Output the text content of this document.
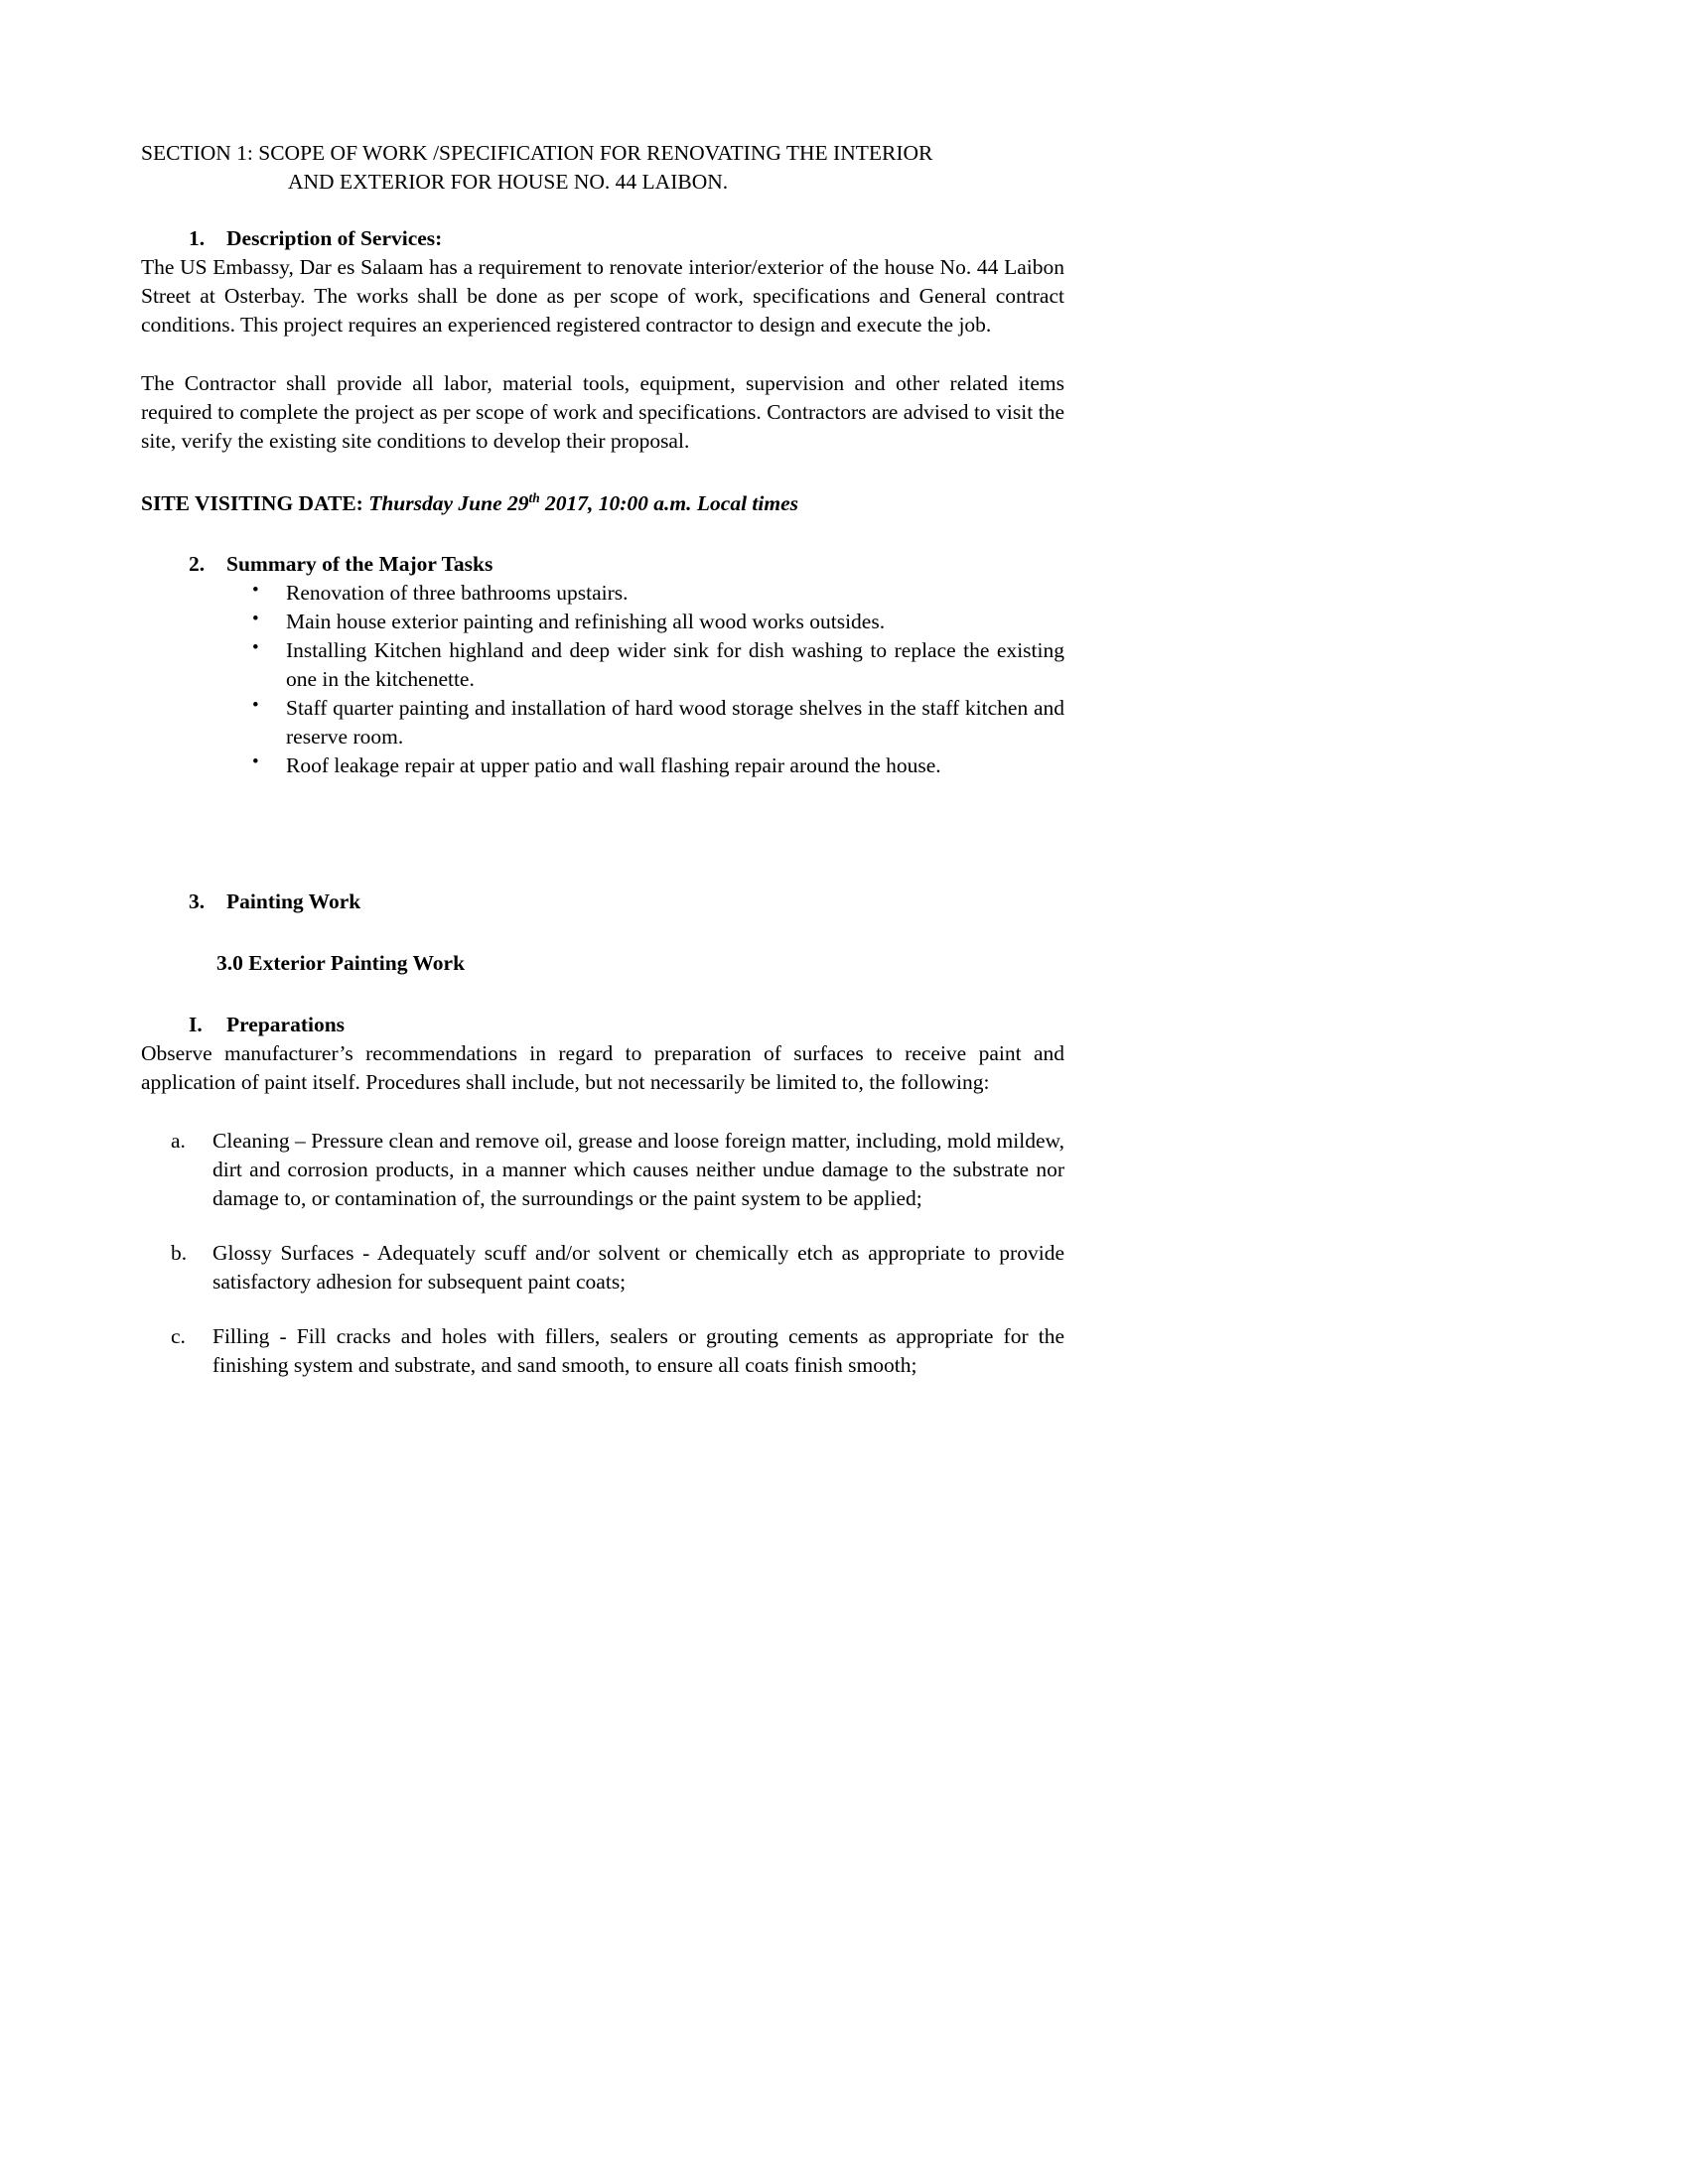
SECTION 1: SCOPE OF WORK /SPECIFICATION FOR RENOVATING THE INTERIOR
AND EXTERIOR FOR HOUSE NO. 44 LAIBON.
1.	Description of Services:

The US Embassy, Dar es Salaam has a requirement to renovate interior/exterior of the house No. 44 Laibon Street at Osterbay. The works shall be done as per scope of work, specifications and General contract conditions. This project requires an experienced registered contractor to design and execute the job.

The Contractor shall provide all labor, material tools, equipment, supervision and other related items required to complete the project as per scope of work and specifications. Contractors are advised to visit the site, verify the existing site conditions to develop their proposal.

SITE VISITING DATE: Thursday June 29th 2017, 10:00 a.m. Local times
2.	Summary of the Major Tasks
• Renovation of three bathrooms upstairs.
• Main house exterior painting and refinishing all wood works outsides.
• Installing Kitchen highland and deep wider sink for dish washing to replace the existing one in the kitchenette.
• Staff quarter painting and installation of hard wood storage shelves in the staff kitchen and reserve room.
• Roof leakage repair at upper patio and wall flashing repair around the house.
3.	Painting Work
3.0 Exterior Painting Work
I.	Preparations

Observe manufacturer’s recommendations in regard to preparation of surfaces to receive paint and application of paint itself. Procedures shall include, but not necessarily be limited to, the following:

a.	Cleaning – Pressure clean and remove oil, grease and loose foreign matter, including, mold mildew, dirt and corrosion products, in a manner which causes neither undue damage to the substrate nor damage to, or contamination of, the surroundings or the paint system to be applied;
b.	Glossy Surfaces - Adequately scuff and/or solvent or chemically etch as appropriate to provide satisfactory adhesion for subsequent paint coats;
c.	Filling - Fill cracks and holes with fillers, sealers or grouting cements as appropriate for the finishing system and substrate, and sand smooth, to ensure all coats finish smooth;
